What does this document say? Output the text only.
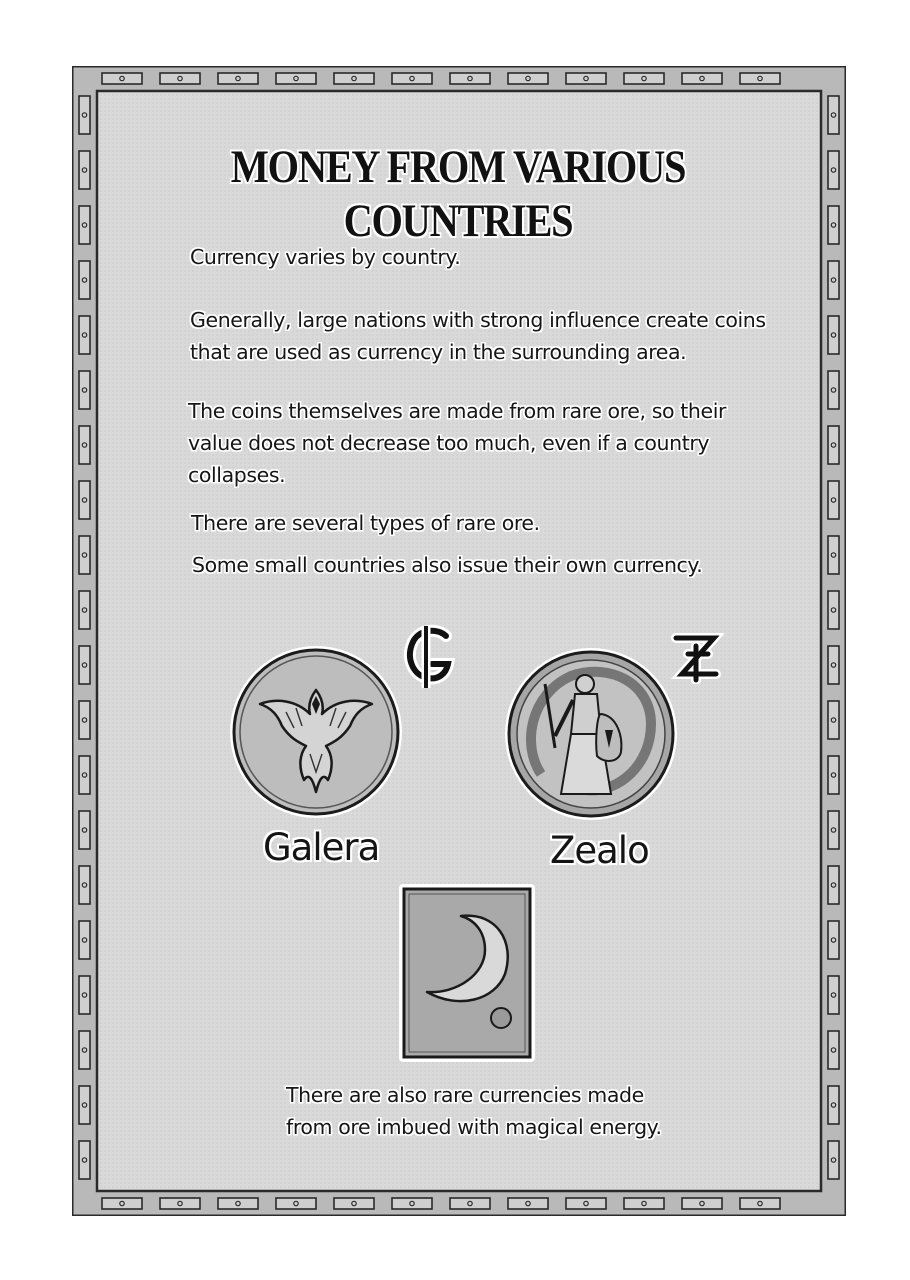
MONEY FROM VARIOUS COUNTRIES
Currency varies by country.
Generally, large nations with strong influence create coins
that are used as currency in the surrounding area.
The coins themselves are made from rare ore, so their
value does not decrease too much, even if a country
collapses.
There are several types of rare ore.
Some small countries also issue their own currency.
Galera	Zealo
There are also rare currencies made
from ore imbued with magical energy.
